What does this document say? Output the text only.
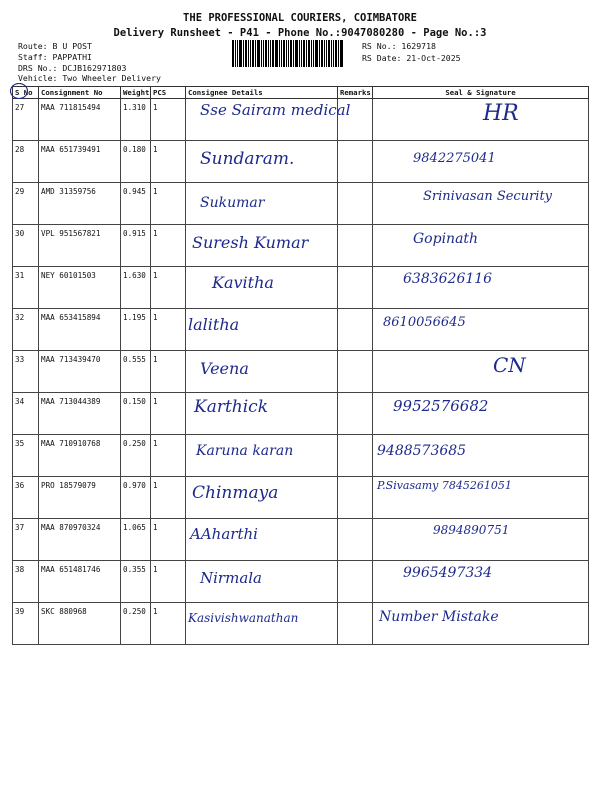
THE PROFESSIONAL COURIERS, COIMBATORE
Delivery Runsheet - P41 - Phone No.:9047080280 - Page No.:3
Route: B U POST
Staff: PAPPATHI
DRS No.: DCJB162971803
Vehicle: Two Wheeler Delivery
RS No.: 1629718
RS Date: 21-Oct-2025
S No	Consignment No	Weight	PCS	Consignee Details	Remarks	Seal & Signature
27	MAA 711815494	1.310	1	Sse Sairam medical		HR

28	MAA 651739491	0.180	1	Sundaram.		9842275041

29	AMD 31359756	0.945	1	Sukumar		Srinivasan Security

30	VPL 951567821	0.915	1	Suresh Kumar		Gopinath

31	NEY 60101503	1.630	1	Kavitha		6383626116

32	MAA 653415894	1.195	1	lalitha		8610056645

33	MAA 713439470	0.555	1	Veena		CN

34	MAA 713044389	0.150	1	Karthick		9952576682

35	MAA 710910768	0.250	1	Karuna karan		9488573685

36	PRO 18579079	0.970	1	Chinmaya		P.Sivasamy 7845261051

37	MAA 870970324	1.065	1	AAharthi		9894890751

38	MAA 651481746	0.355	1	Nirmala		9965497334

39	SKC 880968	0.250	1	Kasivishwanathan		Number Mistake
